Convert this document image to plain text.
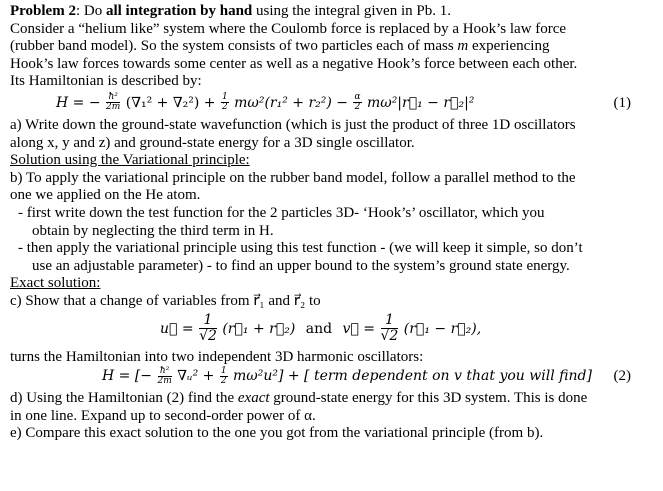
Problem 2: Do all integration by hand using the integral given in Pb. 1.

Consider a “helium like” system where the Coulomb force is replaced by a Hook’s law force

(rubber band model). So the system consists of two particles each of mass m experiencing

Hook’s law forces towards some center as well as a negative Hook’s force between each other.

Its Hamiltonian is described by:

H = − $\frac{\text{ħ²}}{2m} (\nabla_1^2 + \nabla_2^2) + \frac{1}{2} m\omega^2(r_1^2 + r_2^2) - \frac{\alpha}{2}$ mω²|r⃗₁ − r⃗₂|²	(1)

a) Write down the ground-state wavefunction (which is just the product of three 1D oscillators

along x, y and z) and ground-state energy for a 3D single oscillator.

Solution using the Variational principle:

b) To apply the variational principle on the rubber band model, follow a parallel method to the

one we applied on the He atom.

- first write down the test function for the 2 particles 3D- ‘Hook’s’ oscillator, which you

obtain by neglecting the third term in H.

- then apply the variational principle using this test function - (we will keep it simple, so don’t

use an adjustable parameter) - to find an upper bound to the system’s ground state energy.

Exact solution:

c) Show that a change of variables from r⃗₁ and r⃗₂ to

u⃗ = $\frac{1}{√2}$ (r⃗₁ + r⃗₂) and v⃗ = $\frac{1}{√2}$ (r⃗₁ − r⃗₂),

turns the Hamiltonian into two independent 3D harmonic oscillators:

H = [− $\frac{\text{ħ²}}{2m}$ ∇ᵤ² + $\frac{1}{2} m\omega^2u^2$] + [ term dependent on v that you will find] (2)

d) Using the Hamiltonian (2) find the exact ground-state energy for this 3D system. This is done

in one line. Expand up to second-order power of α.

e) Compare this exact solution to the one you got from the variational principle (from b).
